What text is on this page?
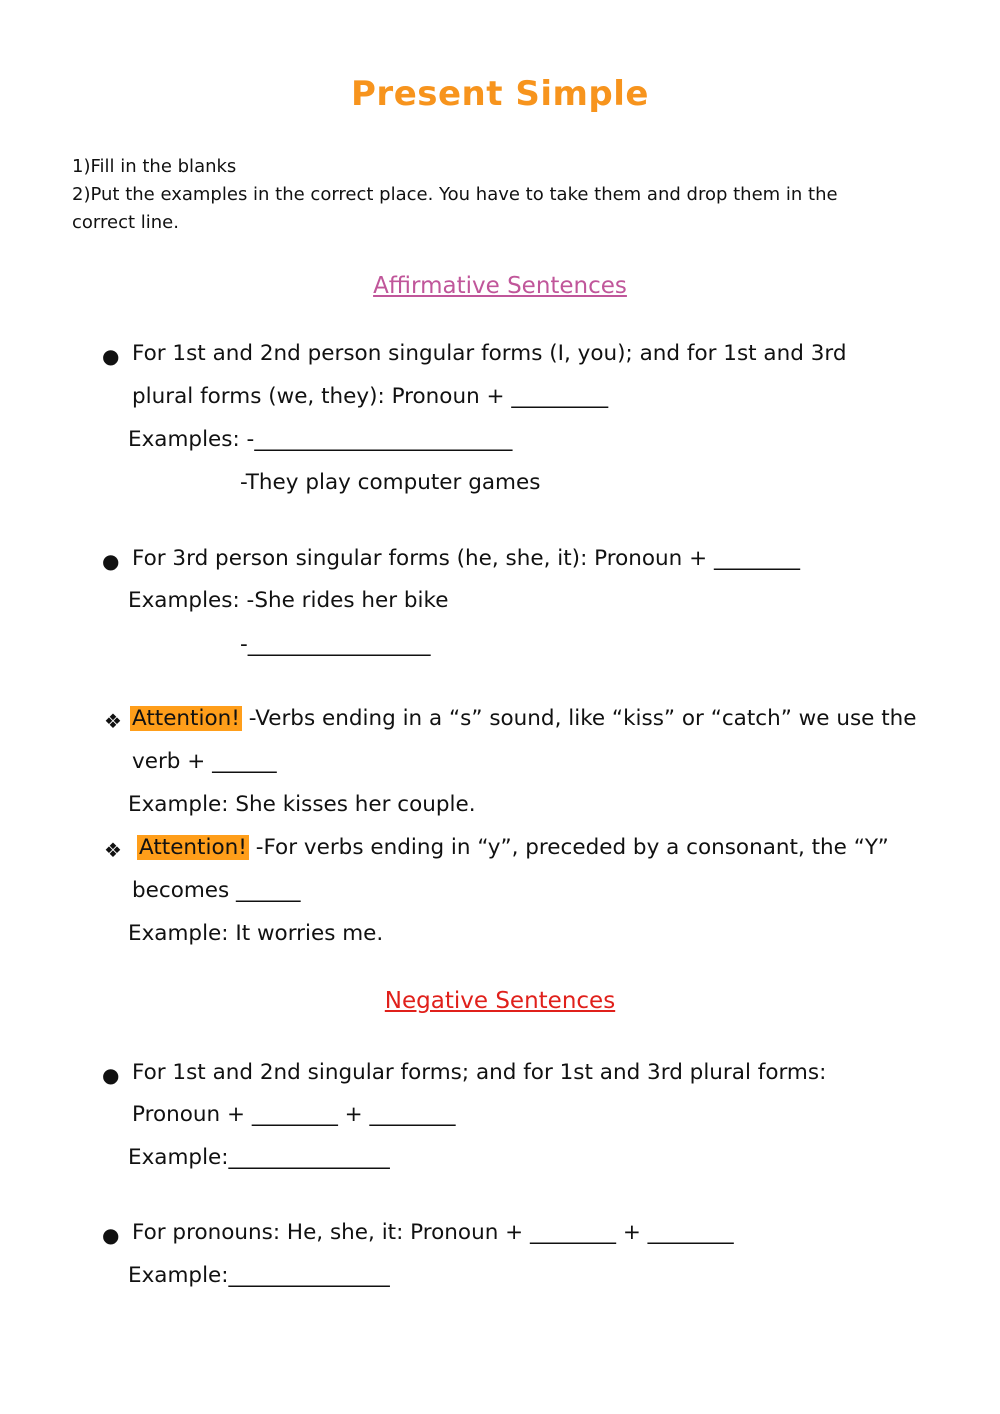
Present Simple
1)Fill in the blanks
2)Put the examples in the correct place. You have to take them and drop them in the
correct line.
Affirmative Sentences
● For 1st and 2nd person singular forms (I, you); and for 1st and 3rd
plural forms (we, they): Pronoun + _________
Examples: -________________________
-They play computer games
● For 3rd person singular forms (he, she, it): Pronoun + ________
Examples: -She rides her bike
-_________________
❖ Attention! -Verbs ending in a “s” sound, like “kiss” or “catch” we use the
verb + ______
Example: She kisses her couple.
❖ Attention! -For verbs ending in “y”, preceded by a consonant, the “Y”
becomes ______
Example: It worries me.
Negative Sentences
● For 1st and 2nd singular forms; and for 1st and 3rd plural forms:
Pronoun + ________ + ________
Example:_______________
● For pronouns: He, she, it: Pronoun + ________ + ________
Example:_______________
